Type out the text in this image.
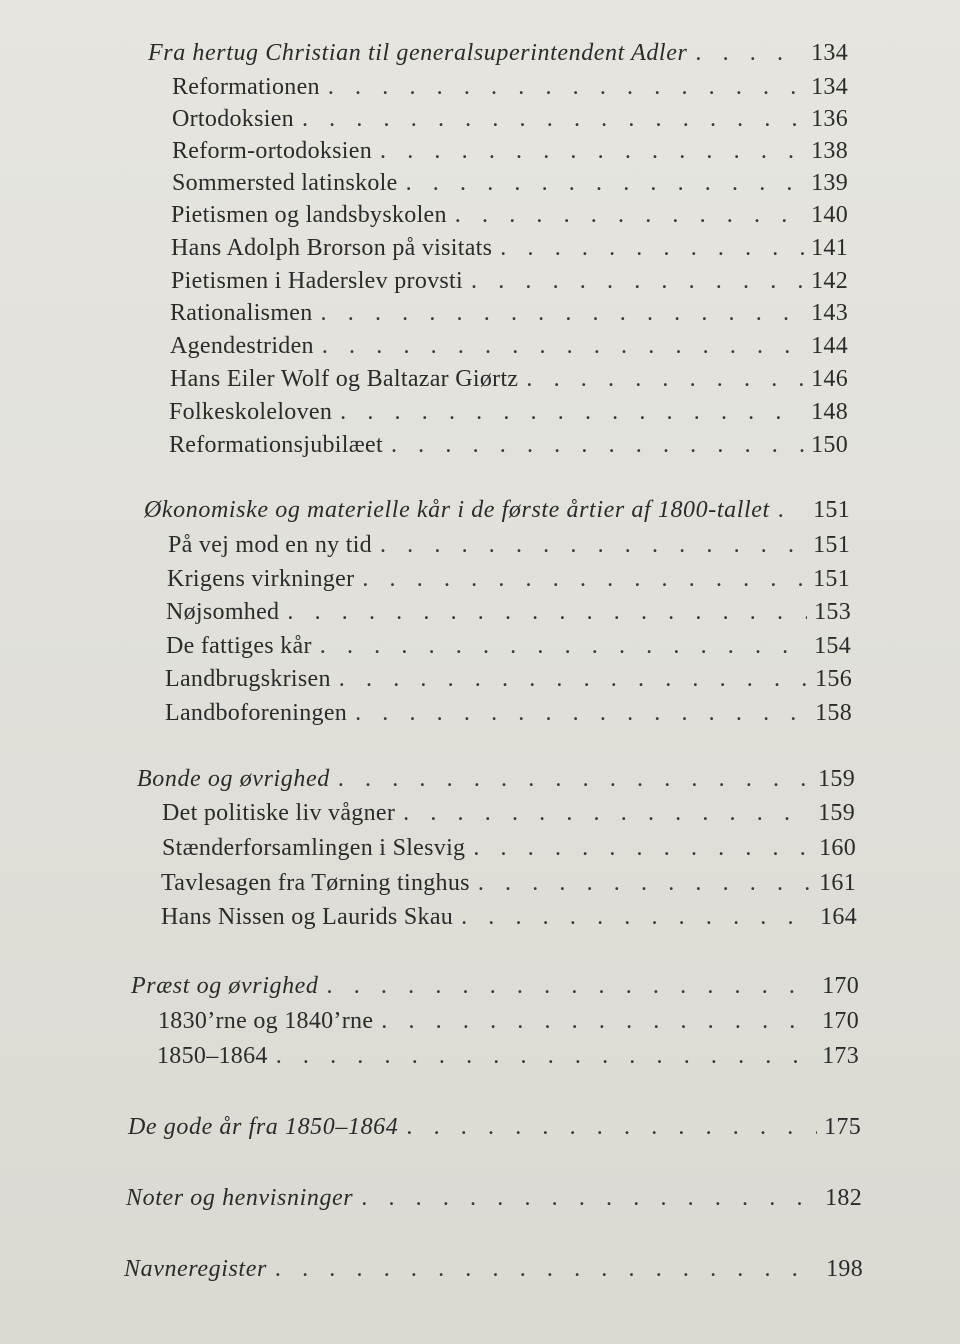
Fra hertug Christian til generalsuperintendent Adler . . .	134
Reformationen . . .	134
Ortodoksien . . .	136
Reform-ortodoksien . . .	138
Sommersted latinskole . . .	139
Pietismen og landsbyskolen . . .	140
Hans Adolph Brorson på visitats . . .	141
Pietismen i Haderslev provsti . . .	142
Rationalismen . . .	143
Agendestriden . . .	144
Hans Eiler Wolf og Baltazar Giørtz . . .	146
Folkeskoleloven . . .	148
Reformationsjubilæet . . .	150
Økonomiske og materielle kår i de første årtier af 1800-tallet . . . 151
På vej mod en ny tid . . .	151
Krigens virkninger . . .	151
Nøjsomhed . . .	153
De fattiges kår . . .	154
Landbrugskrisen . . .	156
Landboforeningen . . .	158
Bonde og øvrighed . . .	159
Det politiske liv vågner . . .	159
Stænderforsamlingen i Slesvig . . .	160
Tavlesagen fra Tørning tinghus . . .	161
Hans Nissen og Laurids Skau . . .	164
Præst og øvrighed . . .	170
1830’rne og 1840’rne . . .	170
1850–1864 . . .	173
De gode år fra 1850–1864 . . .	175
Noter og henvisninger . . .	182
Navneregister . . .	198
